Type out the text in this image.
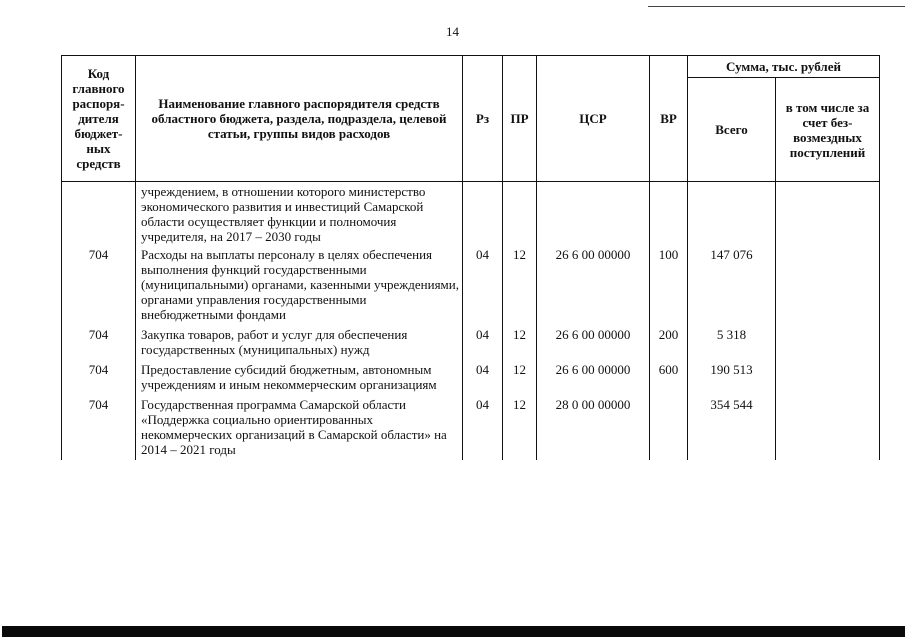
14
Код главного распоря-дителя бюджет-ных средств	Наименование главного распорядителя средств областного бюджета, раздела, подраздела, целевой статьи, группы видов расходов	Рз	ПР	ЦСР	ВР	Сумма, тыс. рублей	
						Всего	в том числе за счет без-возмездных поступлений
	учреждением, в отношении которого министерство экономического развития и инвестиций Самарской области осуществляет функции и полномочия учредителя, на 2017 – 2030 годы						
704	Расходы на выплаты персоналу в целях обеспечения выполнения функций государственными (муниципальными) органами, казенными учреждениями, органами управления государственными внебюджетными фондами	04	12	26 6 00 00000	100	147 076	
704	Закупка товаров, работ и услуг для обеспечения государственных (муниципальных) нужд	04	12	26 6 00 00000	200	5 318	
704	Предоставление субсидий бюджетным, автономным учреждениям и иным некоммерческим организациям	04	12	26 6 00 00000	600	190 513	
704	Государственная программа Самарской области «Поддержка социально ориентированных некоммерческих организаций в Самарской области» на 2014 – 2021 годы	04	12	28 0 00 00000		354 544	
